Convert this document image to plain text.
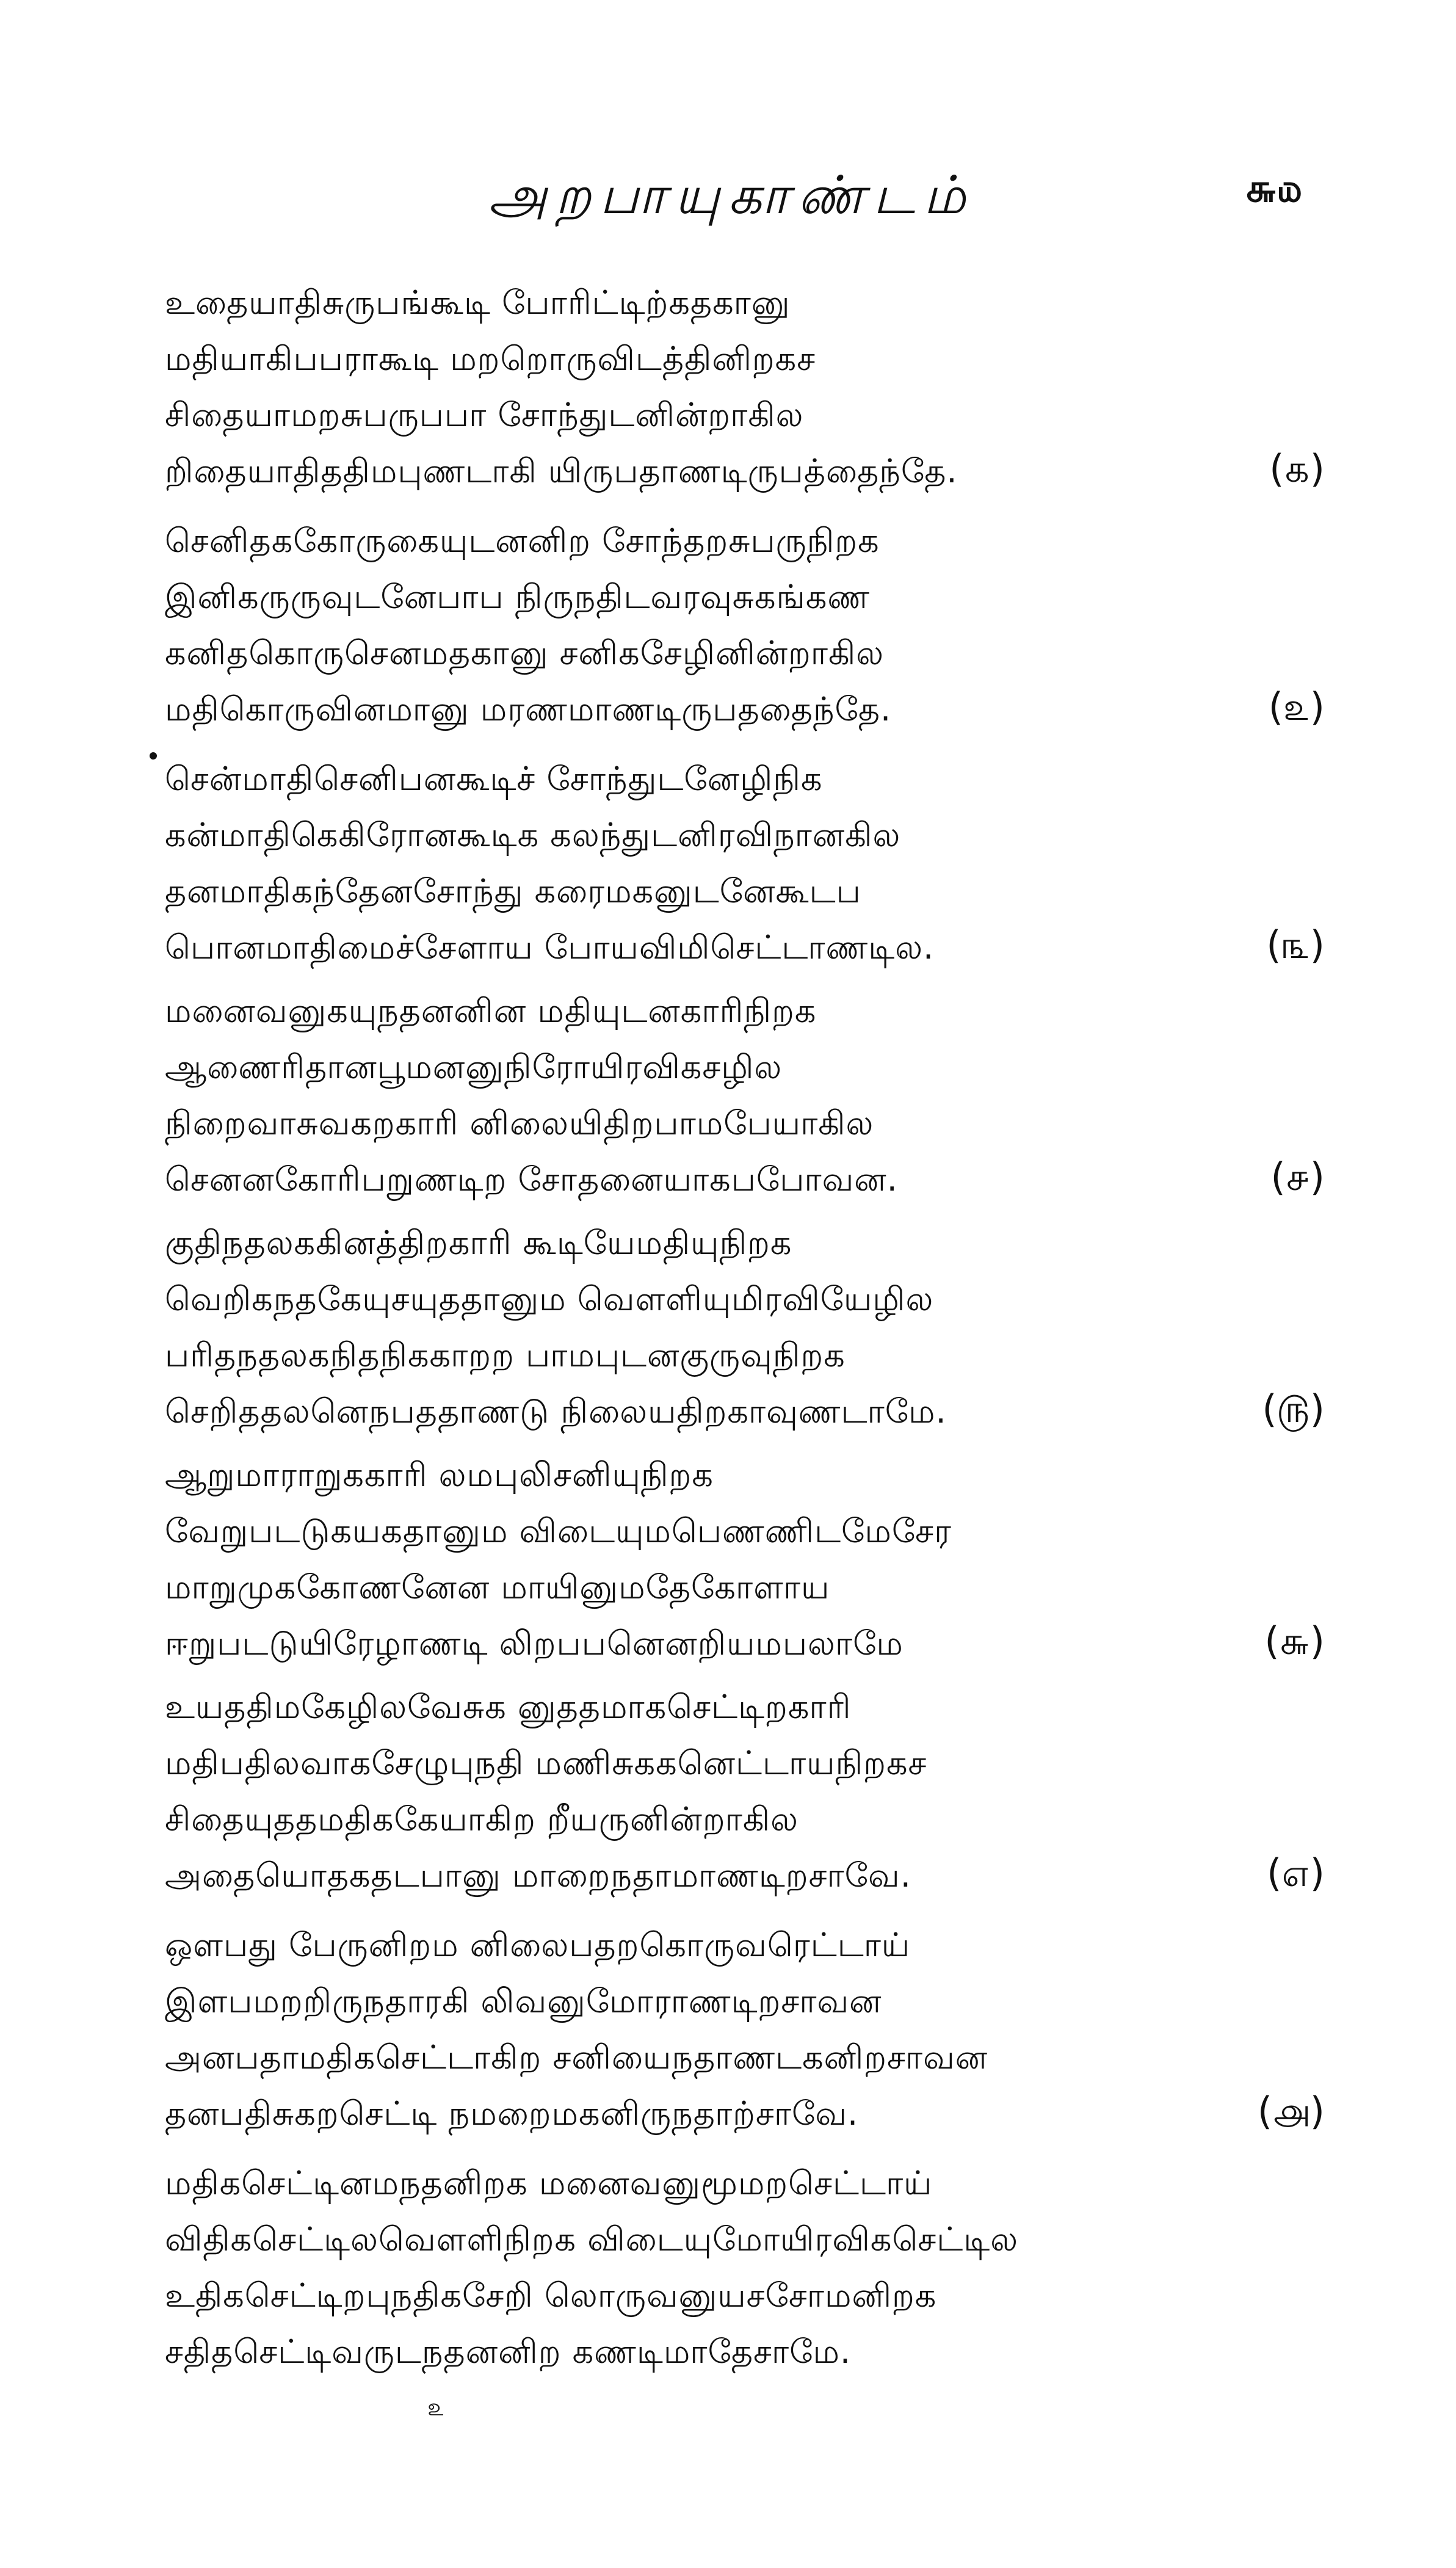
அறபாயுகாண்டம்	௬௰
உதையாதிசுருபங்கூடி போரிட்டிற்கதகானு
மதியாகிபபராகூடி மறறொருவிடத்தினிறகச
சிதையாமறசுபருபபா சோந்துடனின்றாகில
றிதையாதிததிமபுணடாகி யிருபதாணடிருபத்தைந்தே.	(௧)
செனிதககோருகையுடனனிற சோந்தறசுபருநிறக
இனிகருருவுடனேபாப நிருநதிடவரவுசுகங்கண
கனிதகொருசெனமதகானு சனிகசேழினின்றாகில
மதிகொருவினமானு மரணமாணடிருபததைந்தே.	(௨)
சென்மாதிசெனிபனகூடிச் சோந்துடனேழிநிக
கன்மாதிகெகிரோனகூடிக கலந்துடனிரவிநானகில
தனமாதிகந்தேனசோந்து கரைமகனுடனேகூடப
பொனமாதிமைச்சேளாய போயவிமிசெட்டாணடில.	(௩)
மனைவனுகயுநதனனின மதியுடனகாரிநிறக
ஆணைரிதானபூமனனுநிரோயிரவிகசழில
நிறைவாசுவகறகாரி னிலையிதிறபாமபேயாகில
செனனகோரிபறுணடிற சோதனையாகபபோவன.	(௪)
குதிநதலககினத்திறகாரி கூடியேமதியுநிறக
வெறிகநதகேயுசயுததானும வெளளியுமிரவியேழில
பரிதநதலகநிதநிககாறற பாமபுடனகுருவுநிறக
செறிததலனெநபததாணடு நிலையதிறகாவுணடாமே.	(௫)
ஆறுமாராறுககாரி லமபுலிசனியுநிறக
வேறுபடடுகயகதானும விடையுமபெணணிடமேசேர
மாறுமுககோணனேன மாயினுமதேகோளாய
ஈறுபடடுயிரேழாணடி லிறபபனெனறியமபலாமே	(௬)
உயததிமகேழிலவேசுக னுததமாகசெட்டிறகாரி
மதிபதிலவாகசேழுபுநதி மணிசுககனெட்டாயநிறகச
சிதையுததமதிககேயாகிற றீயருனின்றாகில
அதையொதகதடபானு மாறைநதாமாணடிறசாவே.	(௭)
ஒளபது பேருனிறம னிலைபதறகொருவரெட்டாய்
இளபமறறிருநதாரகி லிவனுமோராணடிறசாவன
அனபதாமதிகசெட்டாகிற சனியைநதாணடகனிறசாவன
தனபதிசுகறசெட்டி நமறைமகனிருநதாற்சாவே.	(௮)
மதிகசெட்டினமநதனிறக மனைவனுமூமறசெட்டாய்
விதிகசெட்டிலவெளளிநிறக விடையுமோயிரவிகசெட்டில
உதிகசெட்டிறபுநதிகசேறி லொருவனுயசசோமனிறக
சதிதசெட்டிவருடநதனனிற கணடிமாதேசாமே.
௨
